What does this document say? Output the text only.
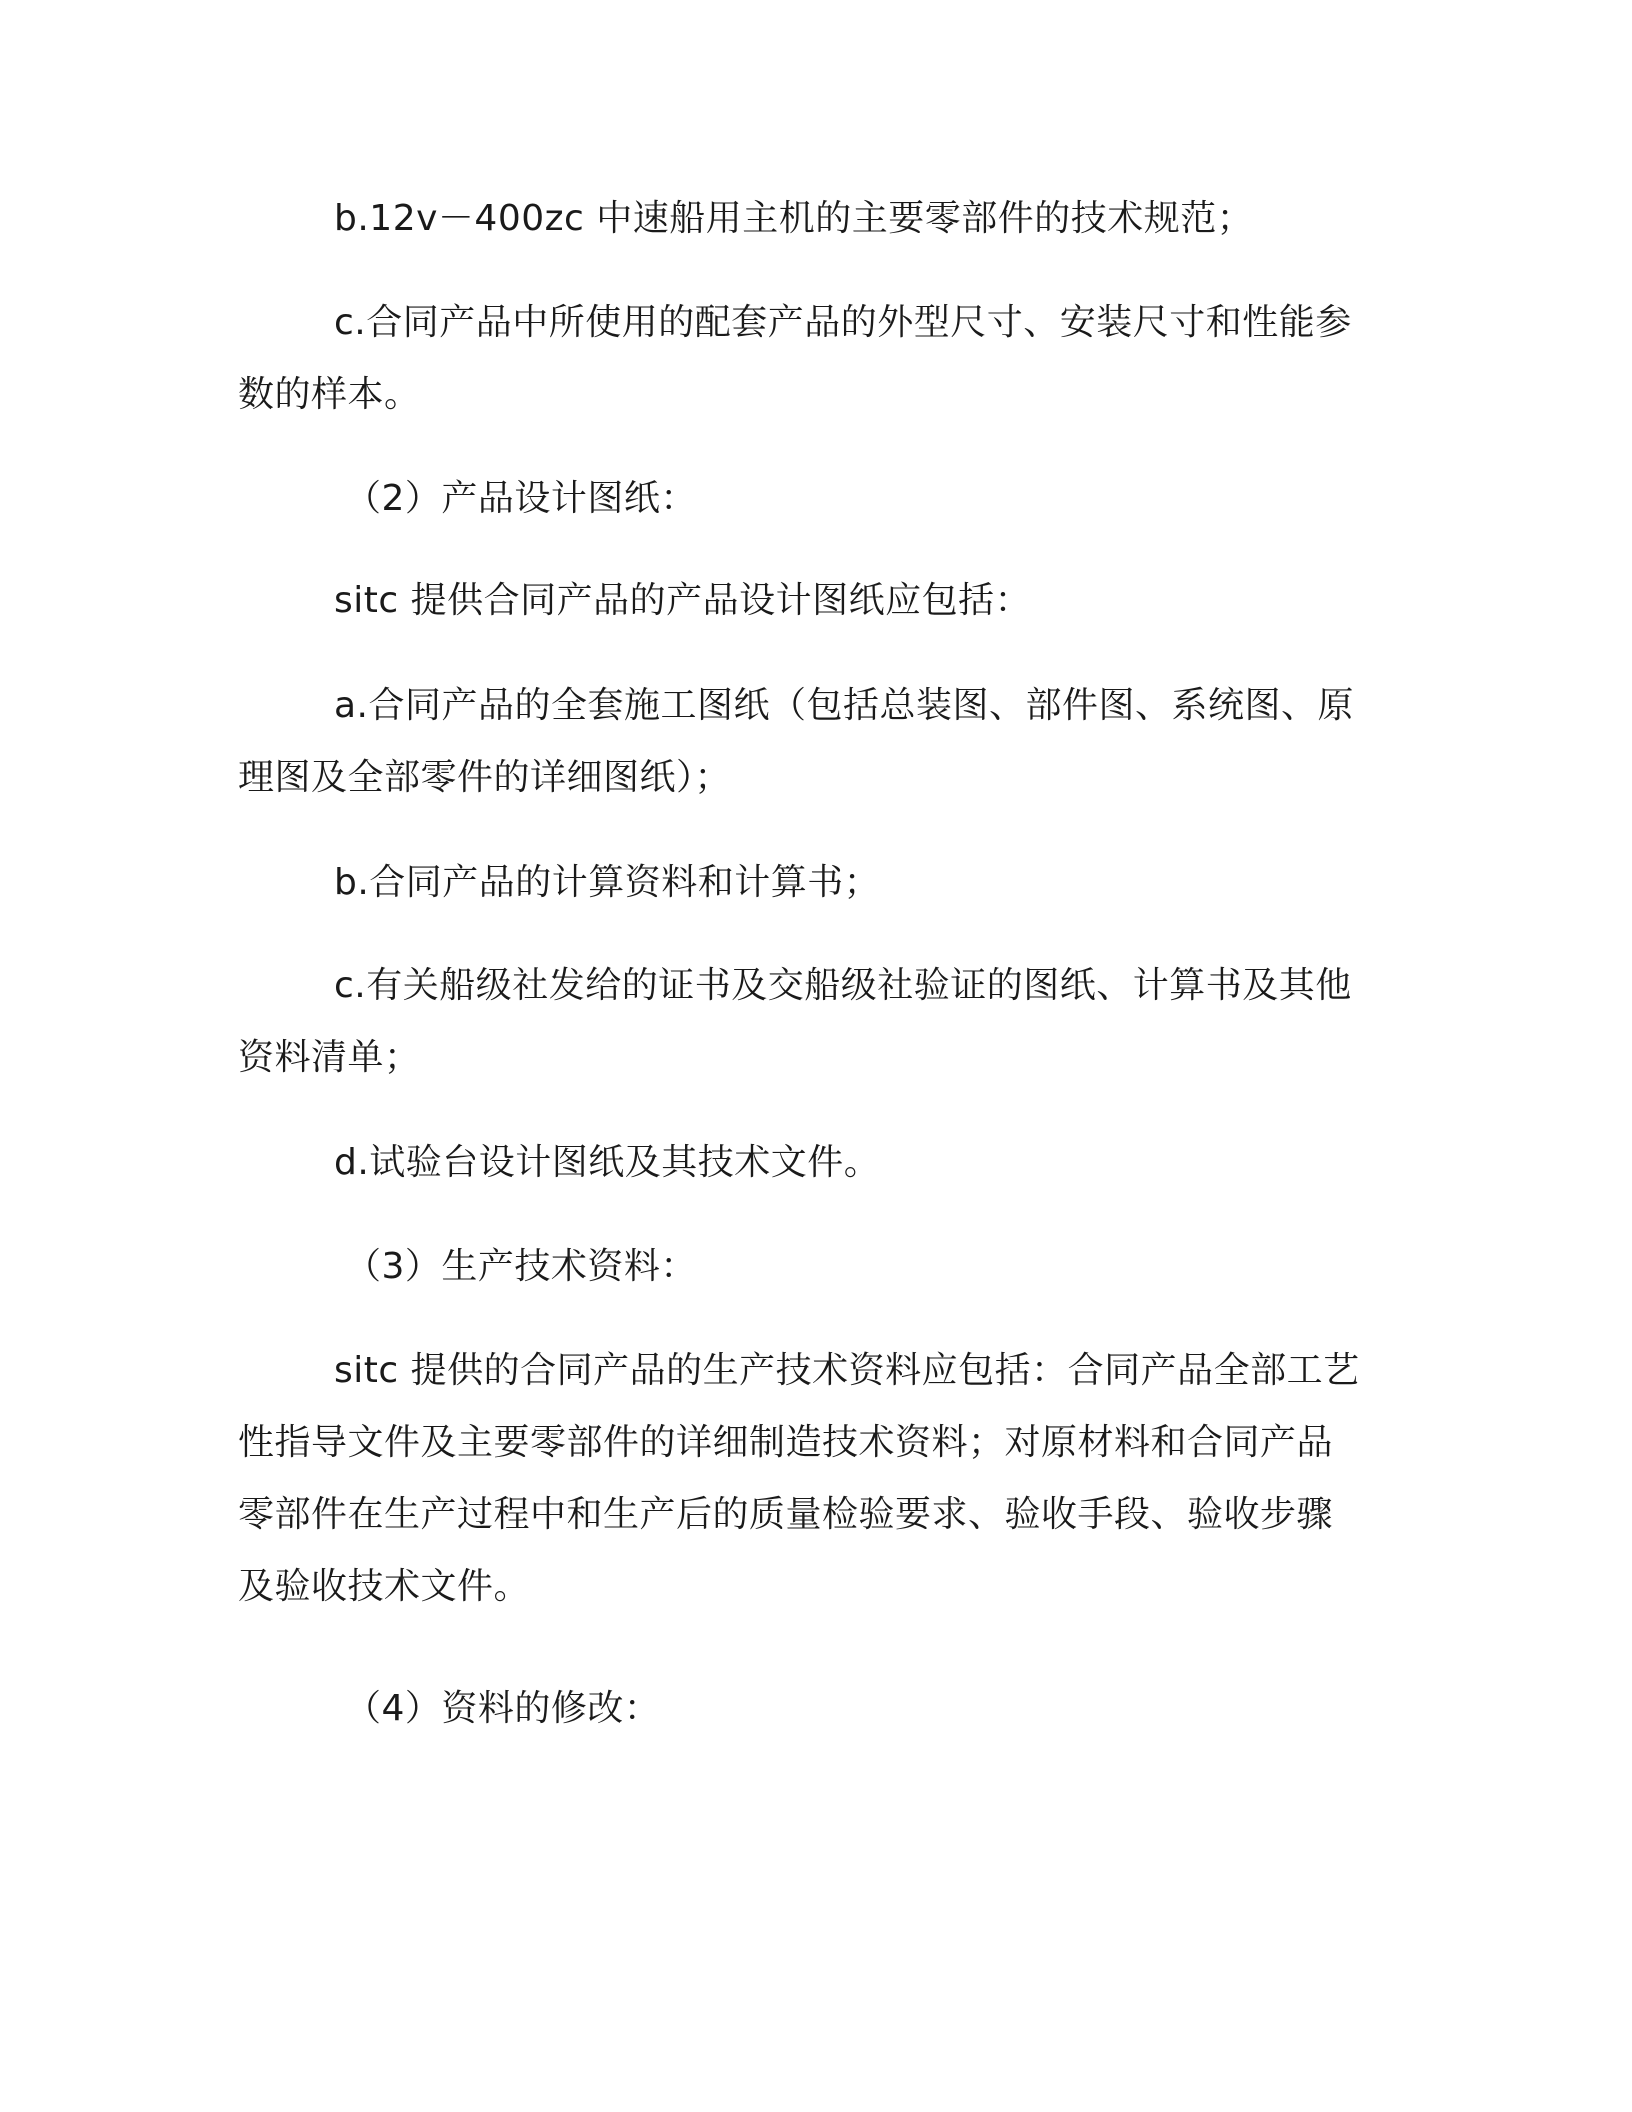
b.12v－400zc 中速船用主机的主要零部件的技术规范；

c.合同产品中所使用的配套产品的外型尺寸、安装尺寸和性能参数的样本。

（2）产品设计图纸：

sitc 提供合同产品的产品设计图纸应包括：

a.合同产品的全套施工图纸（包括总装图、部件图、系统图、原理图及全部零件的详细图纸）；

b.合同产品的计算资料和计算书；

c.有关船级社发给的证书及交船级社验证的图纸、计算书及其他资料清单；

d.试验台设计图纸及其技术文件。

（3）生产技术资料：

sitc 提供的合同产品的生产技术资料应包括：合同产品全部工艺性指导文件及主要零部件的详细制造技术资料；对原材料和合同产品零部件在生产过程中和生产后的质量检验要求、验收手段、验收步骤及验收技术文件。

（4）资料的修改：
